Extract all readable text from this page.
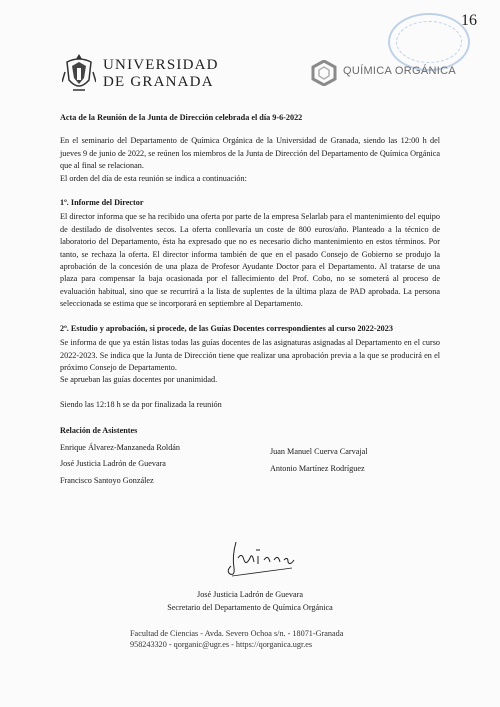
16
UNIVERSIDAD
DE GRANADA
QUÍMICA ORGÁNICA

Acta de la Reunión de la Junta de Dirección celebrada el día 9-6-2022

En el seminario del Departamento de Química Orgánica de la Universidad de Granada, siendo las 12:00 h del jueves 9 de junio de 2022, se reúnen los miembros de la Junta de Dirección del Departamento de Química Orgánica que al final se relacionan.

El orden del día de esta reunión se indica a continuación:

1º. Informe del Director

El director informa que se ha recibido una oferta por parte de la empresa Selarlab para el mantenimiento del equipo de destilado de disolventes secos. La oferta conllevaría un coste de 800 euros/año. Planteado a la técnico de laboratorio del Departamento, ésta ha expresado que no es necesario dicho mantenimiento en estos términos. Por tanto, se rechaza la oferta. El director informa también de que en el pasado Consejo de Gobierno se produjo la aprobación de la concesión de una plaza de Profesor Ayudante Doctor para el Departamento. Al tratarse de una plaza para compensar la baja ocasionada por el fallecimiento del Prof. Cobo, no se someterá al proceso de evaluación habitual, sino que se recurrirá a la lista de suplentes de la última plaza de PAD aprobada. La persona seleccionada se estima que se incorporará en septiembre al Departamento.

2º. Estudio y aprobación, si procede, de las Guías Docentes correspondientes al curso 2022-2023

Se informa de que ya están listas todas las guías docentes de las asignaturas asignadas al Departamento en el curso 2022-2023. Se indica que la Junta de Dirección tiene que realizar una aprobación previa a la que se producirá en el próximo Consejo de Departamento.

Se aprueban las guías docentes por unanimidad.

Siendo las 12:18 h se da por finalizada la reunión

Relación de Asistentes

Enrique Álvarez-Manzaneda Roldán
José Justicia Ladrón de Guevara
Francisco Santoyo González
Juan Manuel Cuerva Carvajal
Antonio Martínez Rodríguez
José Justicia Ladrón de Guevara
Secretario del Departamento de Química Orgánica
Facultad de Ciencias - Avda. Severo Ochoa s/n. - 18071-Granada
958243320 - qorganic@ugr.es - https://qorganica.ugr.es
